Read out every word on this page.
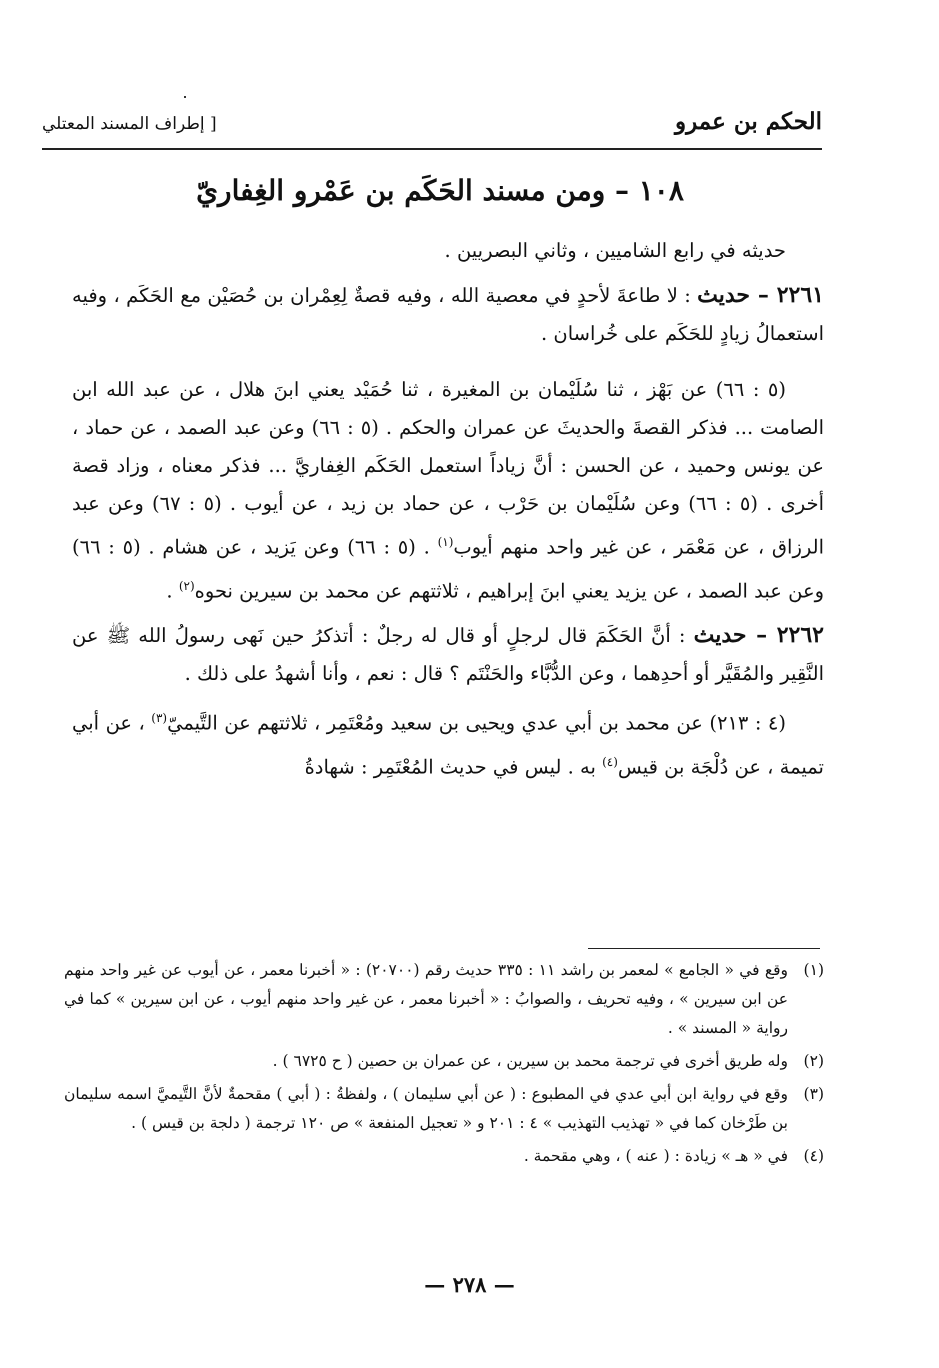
الحكم بن عمرو
[ إطراف المسند المعتلي
١٠٨ – ومن مسند الحَكَم بن عَمْرو الغِفاريّ

حديثه في رابع الشاميين ، وثاني البصريين .

٢٢٦١ – حديث : لا طاعةَ لأحدٍ في معصية الله ، وفيه قصةٌ لِعِمْران بن حُصَيْن مع الحَكَم ، وفيه استعمالُ زيادٍ للحَكَم على خُراسان .

(٥ : ٦٦) عن بَهْز ، ثنا سُلَيْمان بن المغيرة ، ثنا حُمَيْد يعني ابنَ هلال ، عن عبد الله ابن الصامت ... فذكر القصةَ والحديثَ عن عمران والحكم . (٥ : ٦٦) وعن عبد الصمد ، عن حماد ، عن يونس وحميد ، عن الحسن : أنَّ زياداً استعمل الحَكَم الغِفاريَّ ... فذكر معناه ، وزاد قصة أخرى . (٥ : ٦٦) وعن سُلَيْمان بن حَرْب ، عن حماد بن زيد ، عن أيوب . (٥ : ٦٧) وعن عبد الرزاق ، عن مَعْمَر ، عن غير واحد منهم أيوب$^{(١)}$ . (٥ : ٦٦) وعن يَزيد ، عن هشام . (٥ : ٦٦) وعن عبد الصمد ، عن يزيد يعني ابنَ إبراهيم ، ثلاثتهم عن محمد بن سيرين نحوه$^{(٢)}$ .

٢٢٦٢ – حديث : أنَّ الحَكَمَ قال لرجلٍ أو قال له رجلٌ : أتذكرُ حين نَهى رسولُ الله ﷺ عن النَّقِير والمُقَيَّر أو أحدِهما ، وعن الدُّبَّاء والحَنْتَم ؟ قال : نعم ، وأنا أشهدُ على ذلك .

(٤ : ٢١٣) عن محمد بن أبي عدي ويحيى بن سعيد ومُعْتَمِر ، ثلاثتهم عن التَّيميّ$^{(٣)}$ ، عن أبي تميمة ، عن دُلْجَة بن قيس$^{(٤)}$ به . ليس في حديث المُعْتَمِر : شهادةُ

(١)
وقع في « الجامع » لمعمر بن راشد ١١ : ٣٣٥ حديث رقم (٢٠٧٠٠) : « أخبرنا معمر ، عن أيوب عن غير واحد منهم عن ابن سيرين » ، وفيه تحريف ، والصوابُ : « أخبرنا معمر ، عن غير واحد منهم أيوب ، عن ابن سيرين » كما في رواية « المسند » .
(٢)
وله طريق أخرى في ترجمة محمد بن سيرين ، عن عمران بن حصين ( ح ٦٧٢٥ ) .
(٣)
وقع في رواية ابن أبي عدي في المطبوع : ( عن أبي سليمان ) ، ولفظةُ : ( أبي ) مقحمةٌ لأنَّ التَّيميَّ اسمه سليمان بن طَرْخان كما في « تهذيب التهذيب » ٤ : ٢٠١ و « تعجيل المنفعة » ص ١٢٠ ترجمة ( دلجة بن قيس ) .
(٤)
في « هـ » زيادة : ( عنه ) ، وهي مقحمة .
— ٢٧٨ —
